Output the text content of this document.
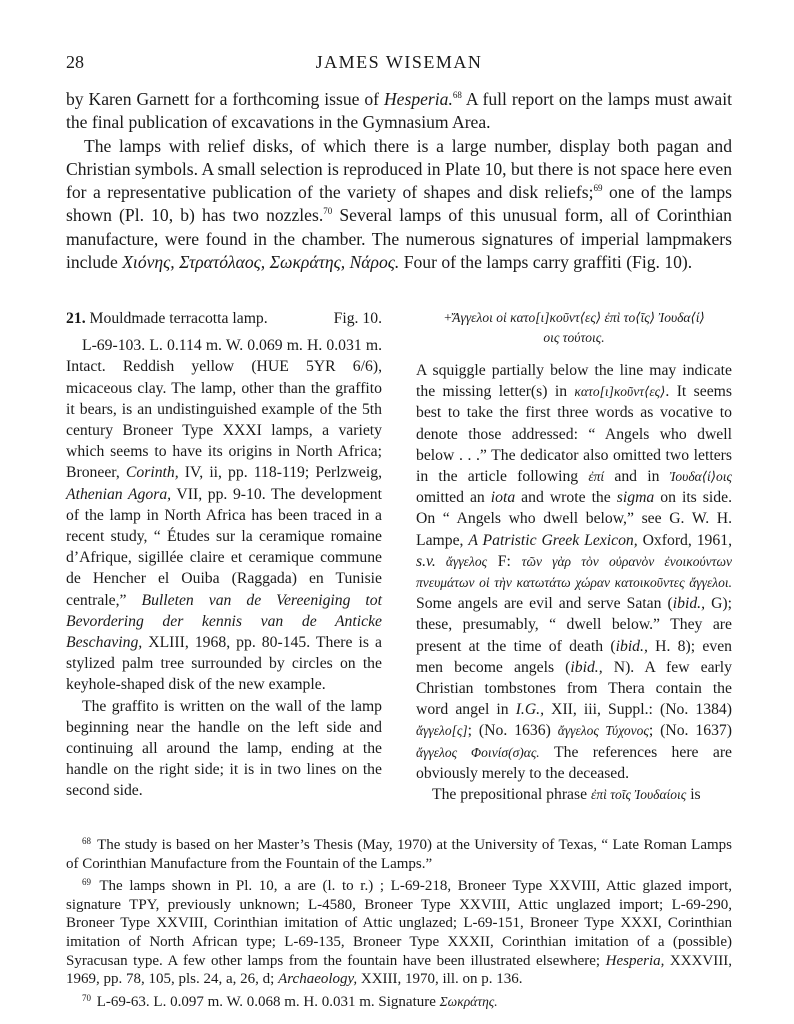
28	JAMES WISEMAN

by Karen Garnett for a forthcoming issue of Hesperia.$^{68}$ A full report on the lamps must await the final publication of excavations in the Gymnasium Area.

The lamps with relief disks, of which there is a large number, display both pagan and Christian symbols. A small selection is reproduced in Plate 10, but there is not space here even for a representative publication of the variety of shapes and disk reliefs;$^{69}$ one of the lamps shown (Pl. 10, b) has two nozzles.$^{70}$ Several lamps of this unusual form, all of Corinthian manufacture, were found in the chamber. The numerous signatures of imperial lampmakers include Χιόνης, Στρατόλαος, Σωκράτης, Νάρος. Four of the lamps carry graffiti (Fig. 10).

21. Mouldmade terracotta lamp.	Fig. 10.

L-69-103. L. 0.114 m. W. 0.069 m. H. 0.031 m. Intact. Reddish yellow (HUE 5YR 6/6), micaceous clay. The lamp, other than the graffito it bears, is an undistinguished example of the 5th century Broneer Type XXXI lamps, a variety which seems to have its origins in North Africa; Broneer, Corinth, IV, ii, pp. 118-119; Perlzweig, Athenian Agora, VII, pp. 9-10. The development of the lamp in North Africa has been traced in a recent study, “ Études sur la ceramique romaine d’Afrique, sigillée claire et ceramique commune de Hencher el Ouiba (Raggada) en Tunisie centrale,” Bulleten van de Vereeniging tot Bevordering der kennis van de Anticke Beschaving, XLIII, 1968, pp. 80-145. There is a stylized palm tree surrounded by circles on the keyhole-shaped disk of the new example.

The graffito is written on the wall of the lamp beginning near the handle on the left side and continuing all around the lamp, ending at the handle on the right side; it is in two lines on the second side.

+Ἄγγελοι οἱ κατο[ι]κοῦντ⟨ες⟩ ἐπὶ το⟨ῖς⟩ Ἰουδα⟨ί⟩
οις τούτοις.

A squiggle partially below the line may indicate the missing letter(s) in κατο[ι]κοῦντ⟨ες⟩. It seems best to take the first three words as vocative to denote those addressed: “ Angels who dwell below . . .” The dedicator also omitted two letters in the article following ἐπί and in Ἰουδα⟨ί⟩οις omitted an iota and wrote the sigma on its side. On “ Angels who dwell below,” see G. W. H. Lampe, A Patristic Greek Lexicon, Oxford, 1961, s.v. ἄγγελος F: τῶν γὰρ τὸν οὐρανὸν ἐνοικούντων πνευμάτων οἱ τὴν κατωτάτω χώραν κατοικοῦντες ἄγγελοι. Some angels are evil and serve Satan (ibid., G); these, presumably, “ dwell below.” They are present at the time of death (ibid., H. 8); even men become angels (ibid., N). A few early Christian tombstones from Thera contain the word angel in I.G., XII, iii, Suppl.: (No. 1384) ἄγγελο[ς]; (No. 1636) ἄγγελος Τύχονος; (No. 1637) ἄγγελος Φοινίσ(σ)ας. The references here are obviously merely to the deceased.

The prepositional phrase ἐπὶ τοῖς Ἰουδαίοις is

$^{68}$ The study is based on her Master’s Thesis (May, 1970) at the University of Texas, “ Late Roman Lamps of Corinthian Manufacture from the Fountain of the Lamps.”

$^{69}$ The lamps shown in Pl. 10, a are (l. to r.) ; L-69-218, Broneer Type XXVIII, Attic glazed import, signature TPY, previously unknown; L-4580, Broneer Type XXVIII, Attic unglazed import; L-69-290, Broneer Type XXVIII, Corinthian imitation of Attic unglazed; L-69-151, Broneer Type XXXI, Corinthian imitation of North African type; L-69-135, Broneer Type XXXII, Corinthian imitation of a (possible) Syracusan type. A few other lamps from the fountain have been illustrated elsewhere; Hesperia, XXXVIII, 1969, pp. 78, 105, pls. 24, a, 26, d; Archaeology, XXIII, 1970, ill. on p. 136.

$^{70}$ L-69-63. L. 0.097 m. W. 0.068 m. H. 0.031 m. Signature Σωκράτης.
